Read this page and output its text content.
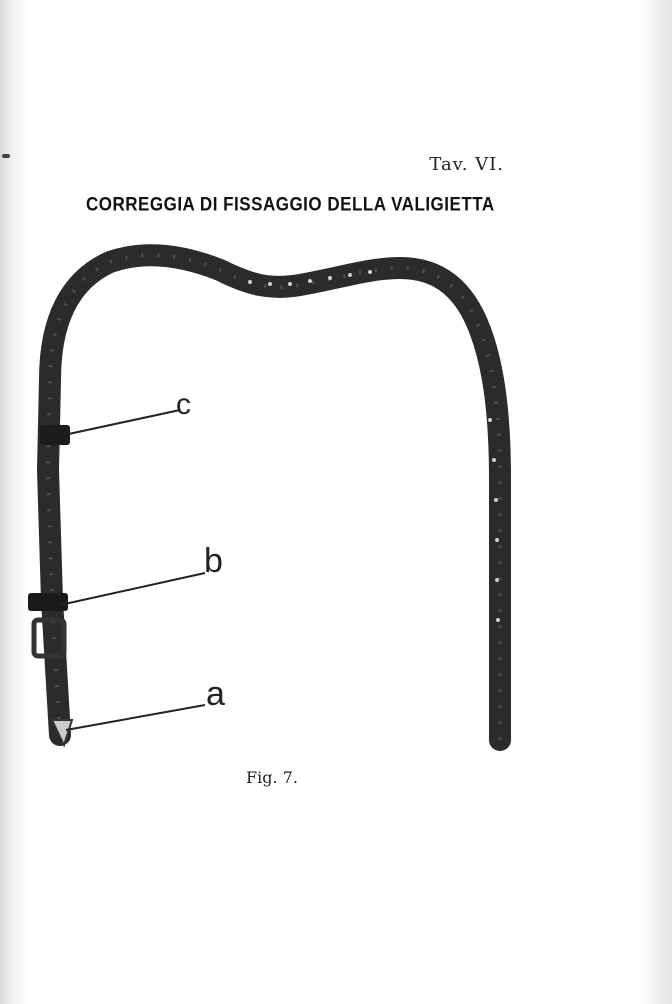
Tav. VI.
CORREGGIA DI FISSAGGIO DELLA VALIGIETTA
c
b
a
Fig. 7.
